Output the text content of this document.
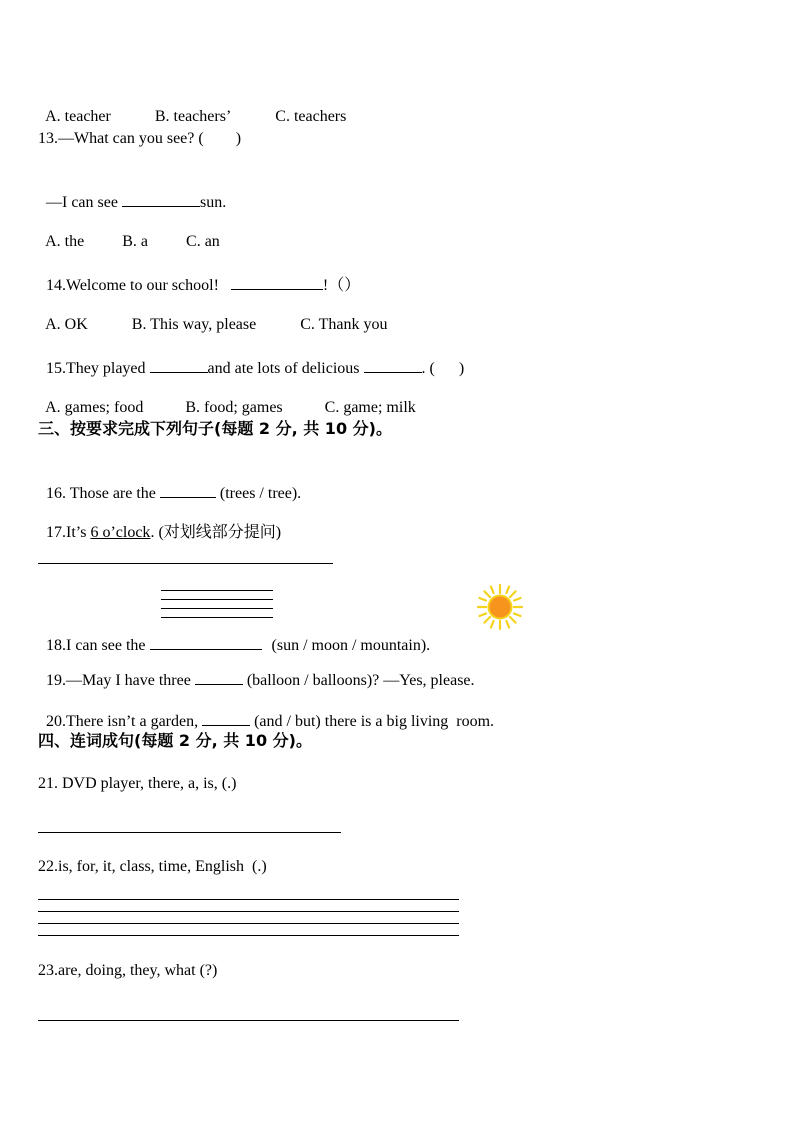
A. teacher	B. teachers’	C. teachers

13.—What can you see? (        )

—I can see	sun.

A. the B. a C. an

14.Welcome to our school!	!（）

A. OK	B. This way, please	C. Thank you

15.They played	and ate lots of delicious	. (      )

A. games; food	B. food; games	C. game; milk

三、按要求完成下列句子(每题 2 分, 共 10 分)。

16. Those are the	(trees / tree).

17.It’s 6 o’clock. (对划线部分提问)

18.I can see the	(sun / moon / mountain).

19.—May I have three	(balloon / balloons)? —Yes, please.

20.There isn’t a garden,	(and / but) there is a big living  room.

四、连词成句(每题 2 分, 共 10 分)。
21. DVD player, there, a, is, (.)
22.is, for, it, class, time, English  (.)
23.are, doing, they, what (?)
